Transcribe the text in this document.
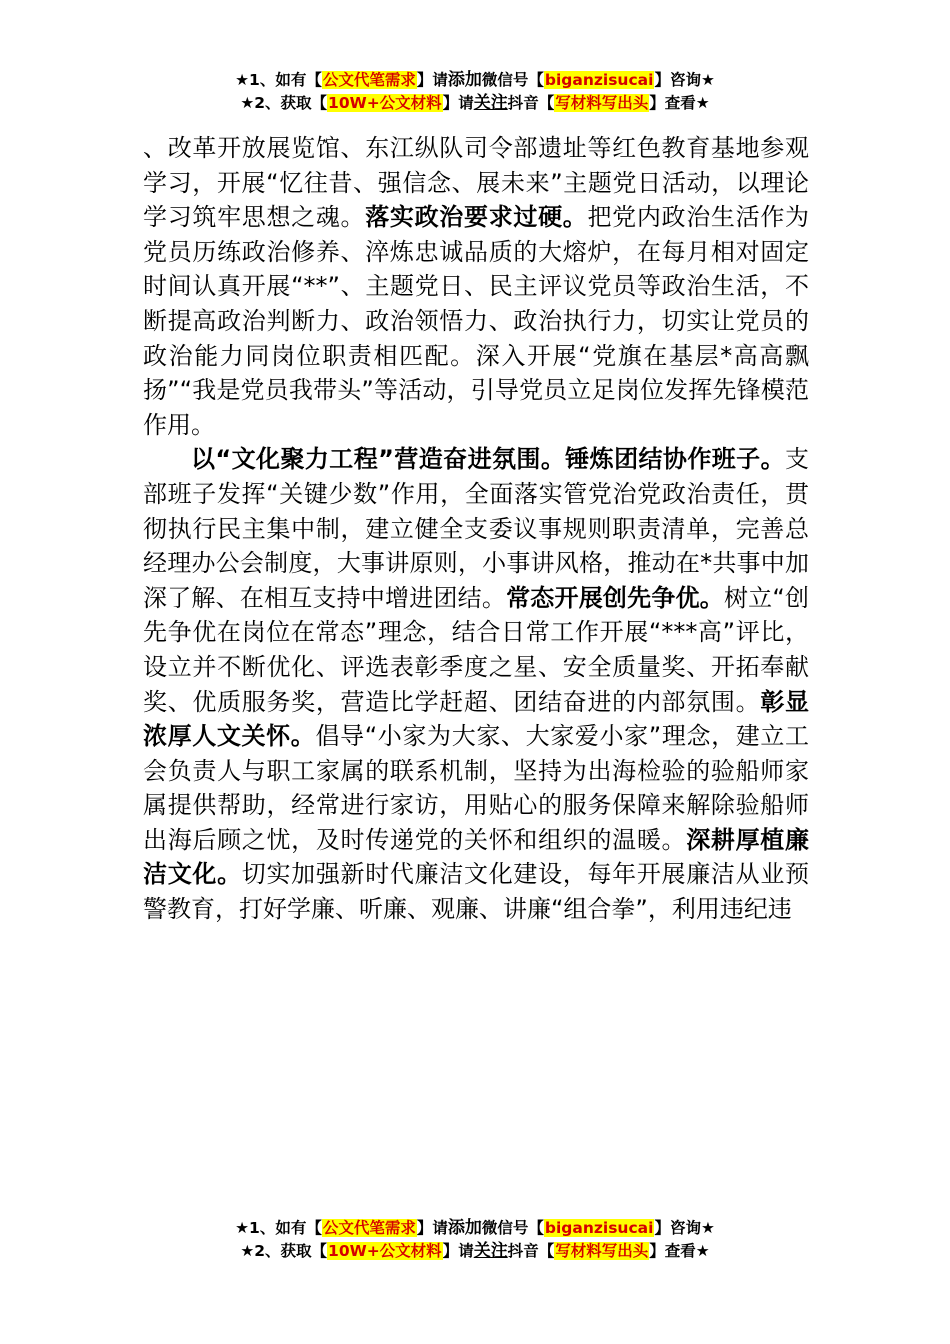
★1、如有【公文代笔需求】请添加微信号【biganzisucai】咨询★
★2、获取【10W+公文材料】请关注抖音【写材料写出头】查看★

、改革开放展览馆、东江纵队司令部遗址等红色教育基地参观学习，开展“忆往昔、强信念、展未来”主题党日活动，以理论学习筑牢思想之魂。落实政治要求过硬。把党内政治生活作为党员历练政治修养、淬炼忠诚品质的大熔炉，在每月相对固定时间认真开展“**”、主题党日、民主评议党员等政治生活，不断提高政治判断力、政治领悟力、政治执行力，切实让党员的政治能力同岗位职责相匹配。深入开展“党旗在基层*高高飘扬”“我是党员我带头”等活动，引导党员立足岗位发挥先锋模范作用。

以“文化聚力工程”营造奋进氛围。锤炼团结协作班子。支部班子发挥“关键少数”作用，全面落实管党治党政治责任，贯彻执行民主集中制，建立健全支委议事规则职责清单，完善总经理办公会制度，大事讲原则，小事讲风格，推动在*共事中加深了解、在相互支持中增进团结。常态开展创先争优。树立“创先争优在岗位在常态”理念，结合日常工作开展“***高”评比，设立并不断优化、评选表彰季度之星、安全质量奖、开拓奉献奖、优质服务奖，营造比学赶超、团结奋进的内部氛围。彰显浓厚人文关怀。倡导“小家为大家、大家爱小家”理念，建立工会负责人与职工家属的联系机制，坚持为出海检验的验船师家属提供帮助，经常进行家访，用贴心的服务保障来解除验船师出海后顾之忧，及时传递党的关怀和组织的温暖。深耕厚植廉洁文化。切实加强新时代廉洁文化建设，每年开展廉洁从业预警教育，打好学廉、听廉、观廉、讲廉“组合拳”，利用违纪违

★1、如有【公文代笔需求】请添加微信号【biganzisucai】咨询★
★2、获取【10W+公文材料】请关注抖音【写材料写出头】查看★
